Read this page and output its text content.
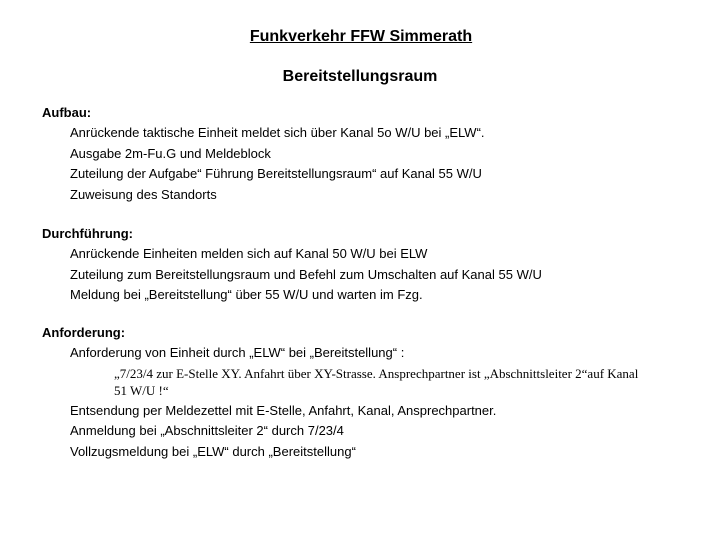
Funkverkehr FFW Simmerath
Bereitstellungsraum
Aufbau:
Anrückende taktische Einheit meldet sich über Kanal 5o W/U bei „ELW“.
Ausgabe 2m-Fu.G und Meldeblock
Zuteilung der Aufgabe“ Führung Bereitstellungsraum“ auf Kanal 55 W/U
Zuweisung des Standorts
Durchführung:
Anrückende Einheiten melden sich auf Kanal 50 W/U bei ELW
Zuteilung zum Bereitstellungsraum und Befehl zum Umschalten auf Kanal 55 W/U
Meldung bei „Bereitstellung“ über 55 W/U und warten im Fzg.
Anforderung:
Anforderung von Einheit durch „ELW“ bei „Bereitstellung“ :
„7/23/4 zur E-Stelle XY. Anfahrt über XY-Strasse. Ansprechpartner ist „Abschnittsleiter 2“auf Kanal 51 W/U !“
Entsendung per Meldezettel mit E-Stelle, Anfahrt, Kanal, Ansprechpartner.
Anmeldung bei „Abschnittsleiter 2“ durch 7/23/4
Vollzugsmeldung bei „ELW“ durch „Bereitstellung“
